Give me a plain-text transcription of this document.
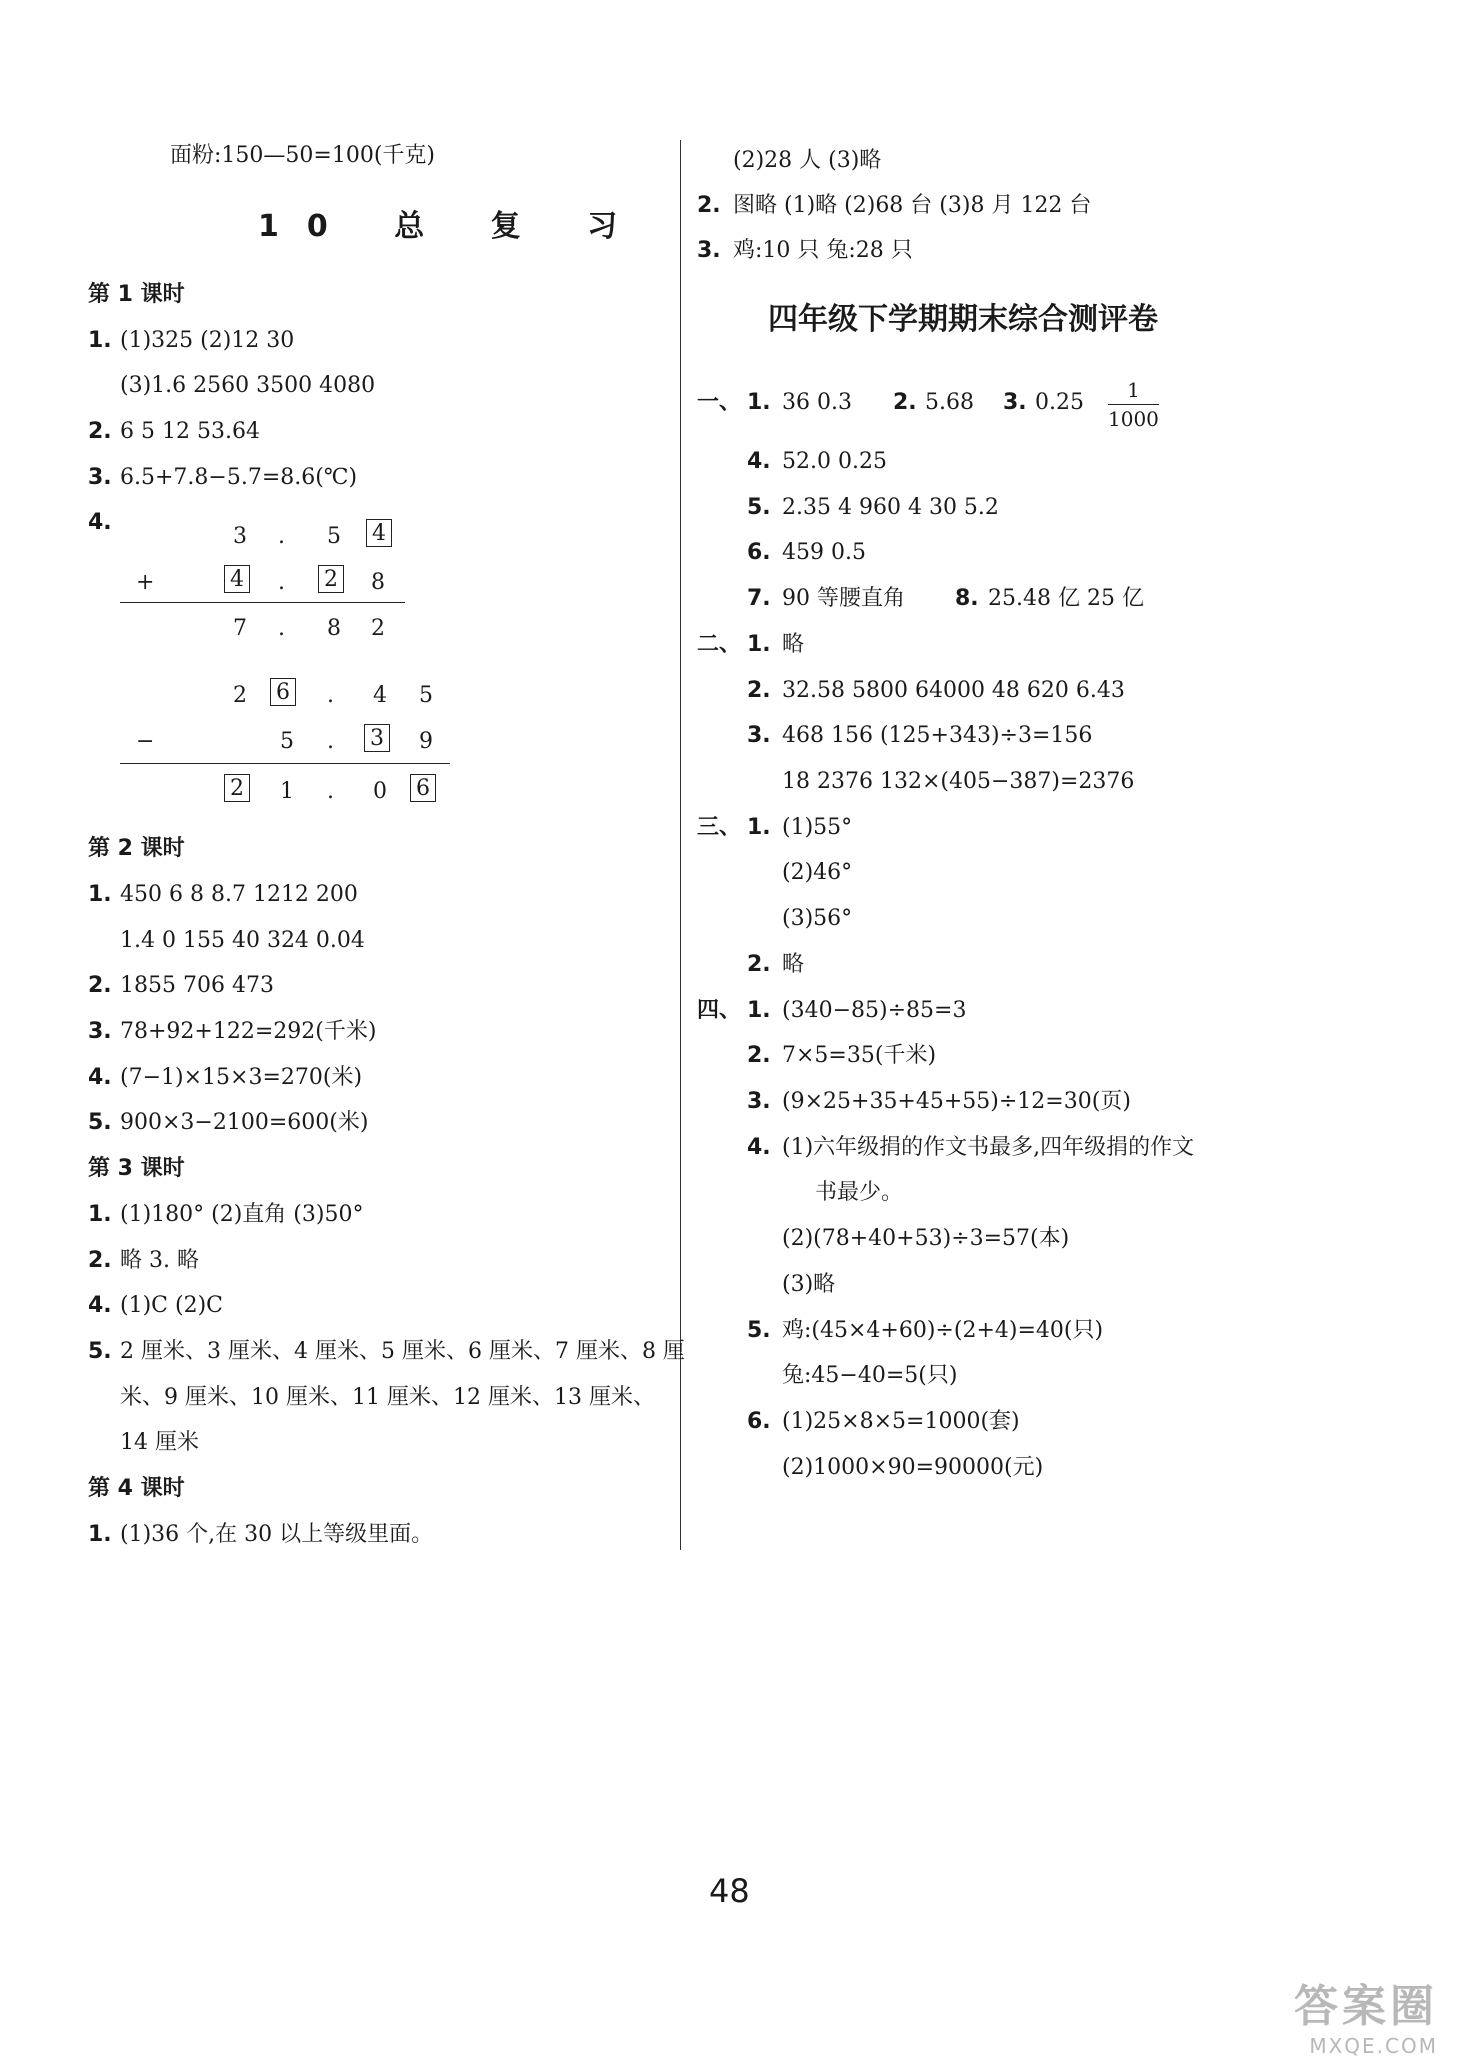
面粉:150—50=100(千克)
10 总 复 习
第 1 课时
1. (1)325 (2)12 30
(3)1.6 2560 3500 4080
2. 6 5 12 53.64
3. 6.5+7.8−5.7=8.6(℃)
4.
3 . 5 4
+	4 . 2 8
7 . 8 2
2 6 . 4 5
−	5 . 3 9
2 1 . 0 6
第 2 课时
1. 450 6 8 8.7 1212 200
1.4 0 155 40 324 0.04
2. 1855 706 473
3. 78+92+122=292(千米)
4. (7−1)×15×3=270(米)
5. 900×3−2100=600(米)
第 3 课时
1. (1)180° (2)直角 (3)50°
2. 略 3. 略
4. (1)C (2)C
5. 2 厘米、3 厘米、4 厘米、5 厘米、6 厘米、7 厘米、8 厘
米、9 厘米、10 厘米、11 厘米、12 厘米、13 厘米、
14 厘米
第 4 课时
1. (1)36 个,在 30 以上等级里面。
(2)28 人 (3)略
2. 图略 (1)略 (2)68 台 (3)8 月 122 台
3. 鸡:10 只 兔:28 只
四年级下学期期末综合测评卷
一、 1. 36 0.3 2. 5.68 3. $0.25 \frac{1}{1000}$
4. 52.0 0.25
5. 2.35 4 960 4 30 5.2
6. 459 0.5
7. 90 等腰直角 8. 25.48 亿 25 亿
二、 1. 略
2. 32.58 5800 64000 48 620 6.43
3. 468 156 (125+343)÷3=156
18 2376 132×(405−387)=2376
三、 1. (1)55°
(2)46°
(3)56°
2. 略
四、 1. (340−85)÷85=3
2. 7×5=35(千米)
3. (9×25+35+45+55)÷12=30(页)
4. (1)六年级捐的作文书最多,四年级捐的作文
书最少。
(2)(78+40+53)÷3=57(本)
(3)略
5. 鸡:(45×4+60)÷(2+4)=40(只)
兔:45−40=5(只)
6. (1)25×8×5=1000(套)
(2)1000×90=90000(元)
48
答案圈
MXQE.COM
